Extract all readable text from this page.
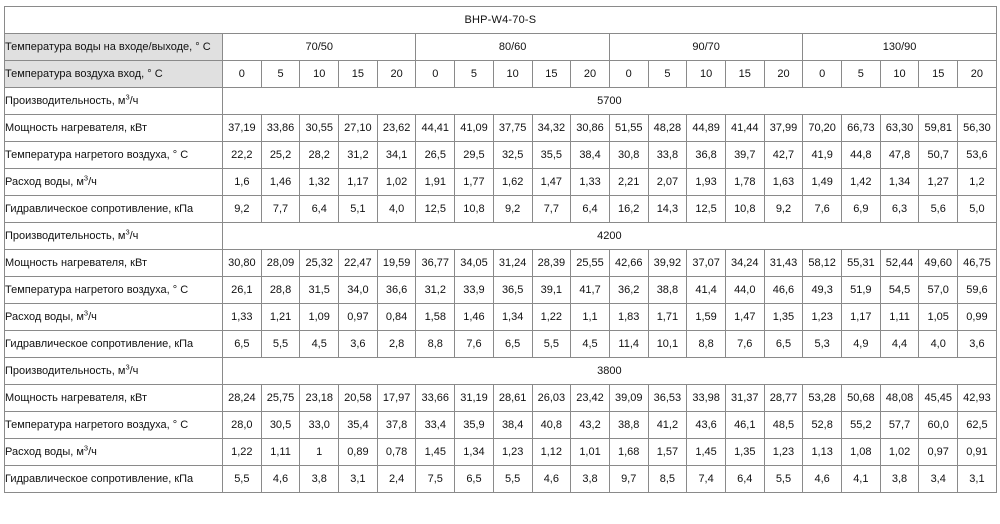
BHP-W4-70-S																				
Температура воды на входе/выходе, ° С	70/50					80/60					90/70					130/90				
Температура воздуха вход, ° С	0	5	10	15	20	0	5	10	15	20	0	5	10	15	20	0	5	10	15	20
Производительность, $м^3/ч$	5700																			
Мощность нагревателя, кВт	37,19	33,86	30,55	27,10	23,62	44,41	41,09	37,75	34,32	30,86	51,55	48,28	44,89	41,44	37,99	70,20	66,73	63,30	59,81	56,30
Температура нагретого воздуха, ° С	22,2	25,2	28,2	31,2	34,1	26,5	29,5	32,5	35,5	38,4	30,8	33,8	36,8	39,7	42,7	41,9	44,8	47,8	50,7	53,6
Расход воды, $м^3/ч$	1,6	1,46	1,32	1,17	1,02	1,91	1,77	1,62	1,47	1,33	2,21	2,07	1,93	1,78	1,63	1,49	1,42	1,34	1,27	1,2
Гидравлическое сопротивление, кПа	9,2	7,7	6,4	5,1	4,0	12,5	10,8	9,2	7,7	6,4	16,2	14,3	12,5	10,8	9,2	7,6	6,9	6,3	5,6	5,0
Производительность, $м^3/ч$	4200																			
Мощность нагревателя, кВт	30,80	28,09	25,32	22,47	19,59	36,77	34,05	31,24	28,39	25,55	42,66	39,92	37,07	34,24	31,43	58,12	55,31	52,44	49,60	46,75
Температура нагретого воздуха, ° С	26,1	28,8	31,5	34,0	36,6	31,2	33,9	36,5	39,1	41,7	36,2	38,8	41,4	44,0	46,6	49,3	51,9	54,5	57,0	59,6
Расход воды, $м^3/ч$	1,33	1,21	1,09	0,97	0,84	1,58	1,46	1,34	1,22	1,1	1,83	1,71	1,59	1,47	1,35	1,23	1,17	1,11	1,05	0,99
Гидравлическое сопротивление, кПа	6,5	5,5	4,5	3,6	2,8	8,8	7,6	6,5	5,5	4,5	11,4	10,1	8,8	7,6	6,5	5,3	4,9	4,4	4,0	3,6
Производительность, $м^3/ч$	3800																			
Мощность нагревателя, кВт	28,24	25,75	23,18	20,58	17,97	33,66	31,19	28,61	26,03	23,42	39,09	36,53	33,98	31,37	28,77	53,28	50,68	48,08	45,45	42,93
Температура нагретого воздуха, ° С	28,0	30,5	33,0	35,4	37,8	33,4	35,9	38,4	40,8	43,2	38,8	41,2	43,6	46,1	48,5	52,8	55,2	57,7	60,0	62,5
Расход воды, $м^3/ч$	1,22	1,11	1	0,89	0,78	1,45	1,34	1,23	1,12	1,01	1,68	1,57	1,45	1,35	1,23	1,13	1,08	1,02	0,97	0,91
Гидравлическое сопротивление, кПа	5,5	4,6	3,8	3,1	2,4	7,5	6,5	5,5	4,6	3,8	9,7	8,5	7,4	6,4	5,5	4,6	4,1	3,8	3,4	3,1
